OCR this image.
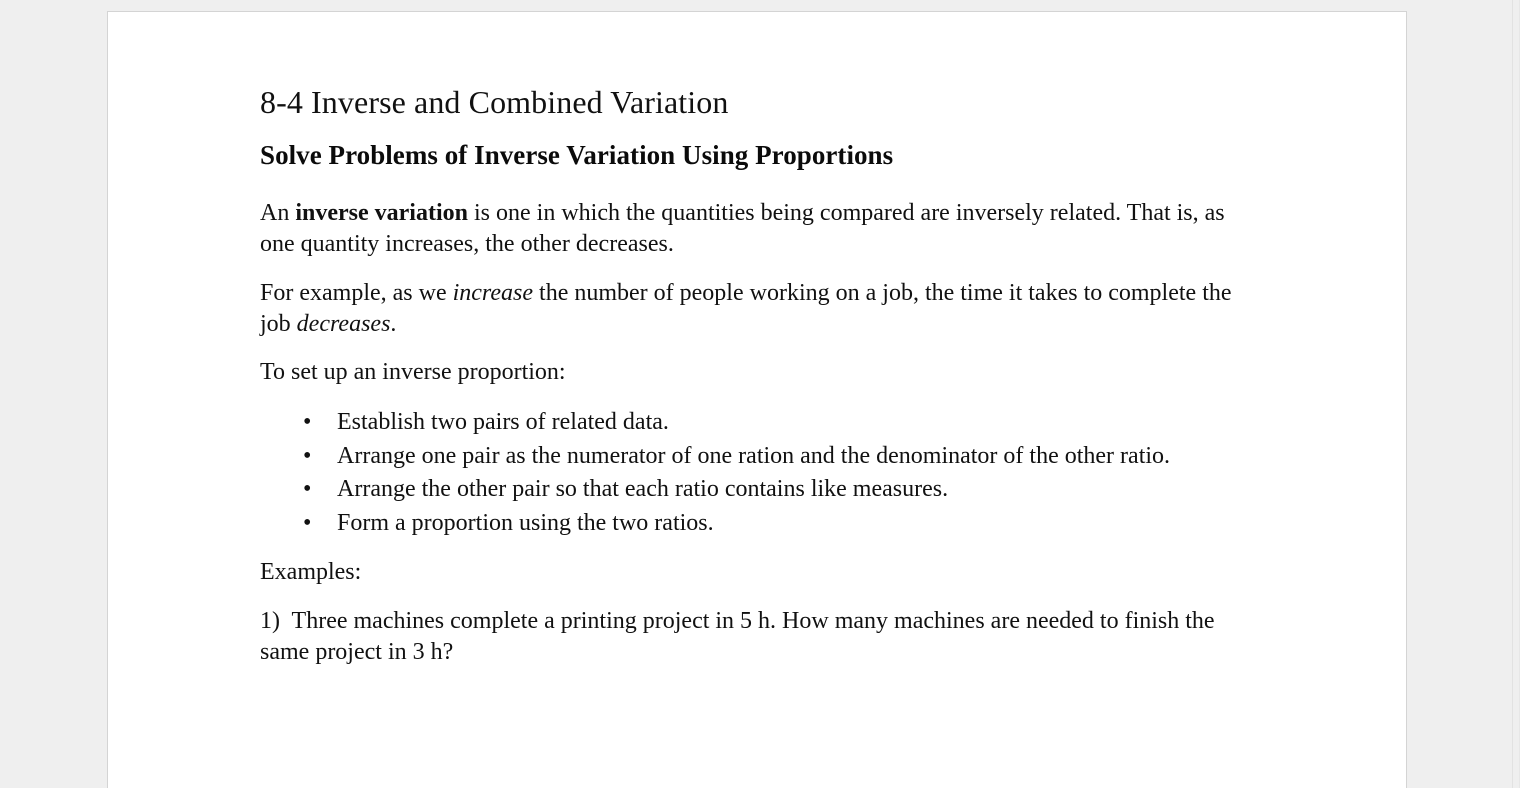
8-4 Inverse and Combined Variation
Solve Problems of Inverse Variation Using Proportions

An inverse variation is one in which the quantities being compared are inversely related. That is, as one quantity increases, the other decreases.

For example, as we increase the number of people working on a job, the time it takes to complete the job decreases.

To set up an inverse proportion:

• Establish two pairs of related data.
• Arrange one pair as the numerator of one ration and the denominator of the other ratio.
• Arrange the other pair so that each ratio contains like measures.
• Form a proportion using the two ratios.

Examples:

1)  Three machines complete a printing project in 5 h. How many machines are needed to finish the same project in 3 h?
